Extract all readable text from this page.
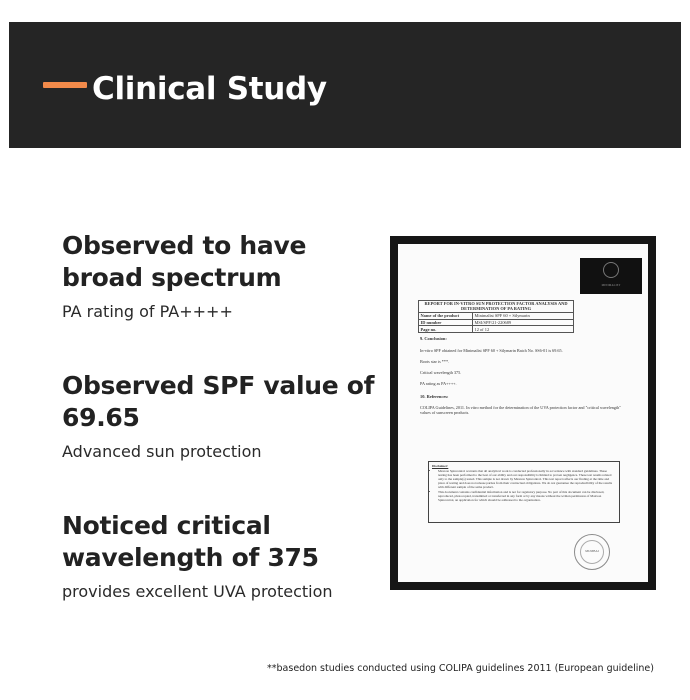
Clinical Study
Observed to have broad spectrum

PA rating of PA++++

Observed SPF value of 69.65

Advanced sun protection

Noticed critical wavelength of 375

provides excellent UVA protection

MINIMALIST
REPORT FOR IN-VITRO SUN PROTECTION FACTOR ANALYSIS AND DETERMINATION OF PA RATING	
Name of the product	Minimalist SPF 60 + Silymarin
ID number	MSI/SPF/21-220689
Page no.	12 of 12
9. Conclusion:
In-vitro SPF obtained for Minimalist SPF 60 + Silymarin Batch No. SS6-01 is 69.65.
Boots star is ***.
Critical wavelength 375.
PA rating as PA++++.
10. References:
COLIPA Guidelines, 2011. In vitro method for the determination of the UVA protection factor and "critical wavelength" values of sunscreen products.
Disclaimer:
• Maxxon Spincontrol warrants that all analytical work is conducted professionally in accordance with standard guidelines. These testing has been performed to the best of our ability and our responsibility is limited to proven negligence. These test results related only to the sample(s) tested. This sample is not drawn by Maxxon Spincontrol. This test report reflects our finding at the time and place of testing and does not release parties from their contractual obligations. We do not guarantee the reproducibility of the results with different sample of the same product.
• This document contains confidential information and is not for regulatory purpose. No part of this document can be disclosed, reproduced, photocopied, transmitted or transferred in any form or by any means without the written permission of Maxxon Spincontrol, an application for which should be addressed to the organisation.
MUMBAI
**basedon studies conducted using COLIPA guidelines 2011 (European guideline)
